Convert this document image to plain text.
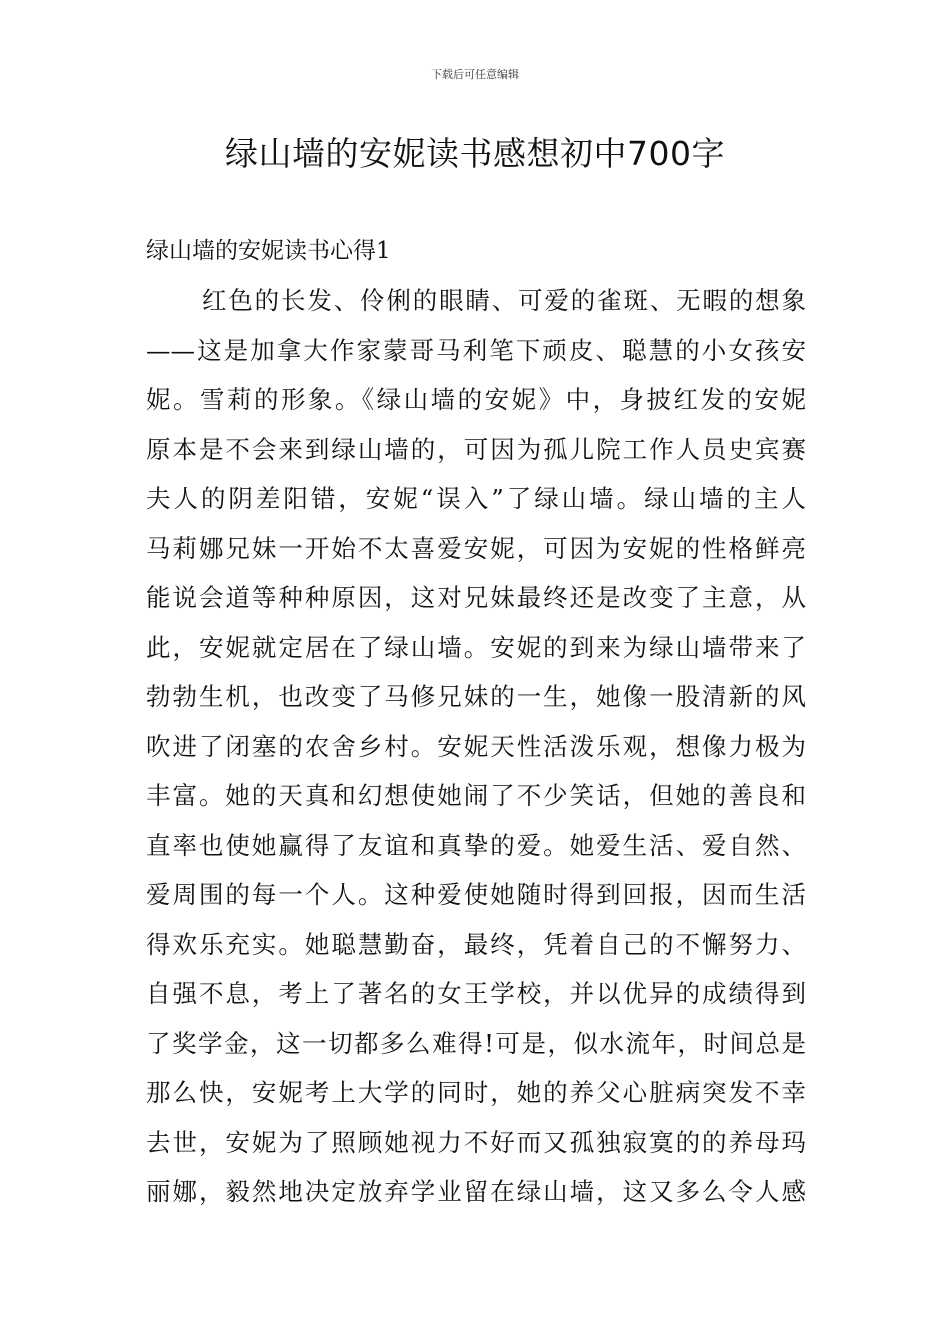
下载后可任意编辑
绿山墙的安妮读书感想初中700字
绿山墙的安妮读书心得1
红色的长发、伶俐的眼睛、可爱的雀斑、无暇的想象
——这是加拿大作家蒙哥马利笔下顽皮、聪慧的小女孩安
妮。雪莉的形象。《绿山墙的安妮》中，身披红发的安妮
原本是不会来到绿山墙的，可因为孤儿院工作人员史宾赛
夫人的阴差阳错，安妮“误入”了绿山墙。绿山墙的主人
马莉娜兄妹一开始不太喜爱安妮，可因为安妮的性格鲜亮
能说会道等种种原因，这对兄妹最终还是改变了主意，从
此，安妮就定居在了绿山墙。安妮的到来为绿山墙带来了
勃勃生机，也改变了马修兄妹的一生，她像一股清新的风
吹进了闭塞的农舍乡村。安妮天性活泼乐观，想像力极为
丰富。她的天真和幻想使她闹了不少笑话，但她的善良和
直率也使她赢得了友谊和真挚的爱。她爱生活、爱自然、
爱周围的每一个人。这种爱使她随时得到回报，因而生活
得欢乐充实。她聪慧勤奋，最终，凭着自己的不懈努力、
自强不息，考上了著名的女王学校，并以优异的成绩得到
了奖学金，这一切都多么难得!可是，似水流年，时间总是
那么快，安妮考上大学的同时，她的养父心脏病突发不幸
去世，安妮为了照顾她视力不好而又孤独寂寞的的养母玛
丽娜，毅然地决定放弃学业留在绿山墙，这又多么令人感
